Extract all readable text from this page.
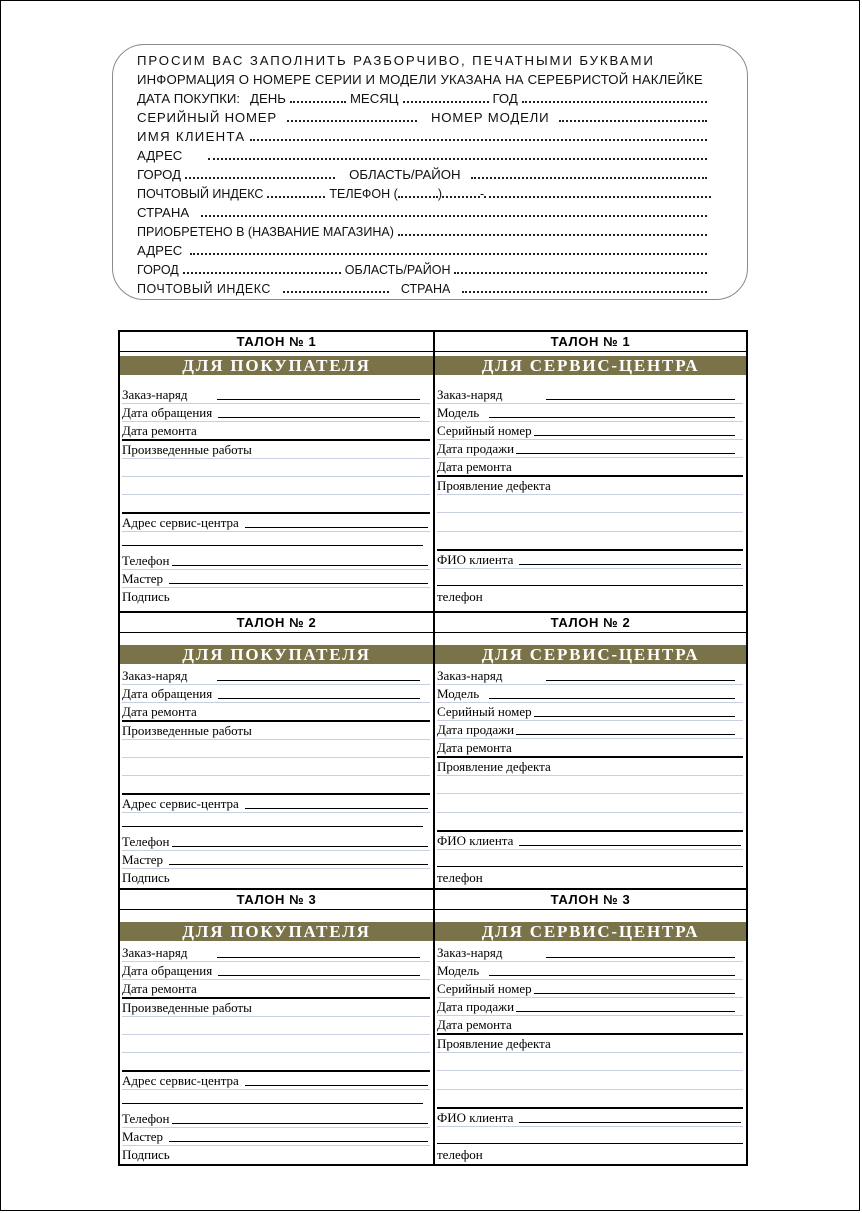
ПРОСИМ ВАС ЗАПОЛНИТЬ РАЗБОРЧИВО, ПЕЧАТНЫМИ БУКВАМИ
ИНФОРМАЦИЯ О НОМЕРЕ СЕРИИ И МОДЕЛИ УКАЗАНА НА СЕРЕБРИСТОЙ НАКЛЕЙКЕ
ДАТА ПОКУПКИ: ДЕНЬ	МЕСЯЦ	ГОД
СЕРИЙНЫЙ НОМЕР	НОМЕР МОДЕЛИ
ИМЯ КЛИЕНТА
АДРЕС
ГОРОД	ОБЛАСТЬ/РАЙОН
ПОЧТОВЫЙ ИНДЕКС	ТЕЛЕФОН (	)	-
СТРАНА
ПРИОБРЕТЕНО В (НАЗВАНИЕ МАГАЗИНА)
АДРЕС
ГОРОД	ОБЛАСТЬ/РАЙОН
ПОЧТОВЫЙ ИНДЕКС	СТРАНА
ТАЛОН № 1
ДЛЯ ПОКУПАТЕЛЯ
Заказ-наряд
Дата обращения
Дата ремонта
Произведенные работы
Адрес сервис-центра
Телефон
Мастер
Подпись
ТАЛОН № 2
ДЛЯ ПОКУПАТЕЛЯ
Заказ-наряд
Дата обращения
Дата ремонта
Произведенные работы
Адрес сервис-центра
Телефон
Мастер
Подпись
ТАЛОН № 3
ДЛЯ ПОКУПАТЕЛЯ
Заказ-наряд
Дата обращения
Дата ремонта
Произведенные работы
Адрес сервис-центра
Телефон
Мастер
Подпись
ТАЛОН № 1
ДЛЯ СЕРВИС-ЦЕНТРА
Заказ-наряд
Модель
Серийный номер
Дата продажи
Дата ремонта
Проявление дефекта
ФИО клиента
телефон
ТАЛОН № 2
ДЛЯ СЕРВИС-ЦЕНТРА
Заказ-наряд
Модель
Серийный номер
Дата продажи
Дата ремонта
Проявление дефекта
ФИО клиента
телефон
ТАЛОН № 3
ДЛЯ СЕРВИС-ЦЕНТРА
Заказ-наряд
Модель
Серийный номер
Дата продажи
Дата ремонта
Проявление дефекта
ФИО клиента
телефон
